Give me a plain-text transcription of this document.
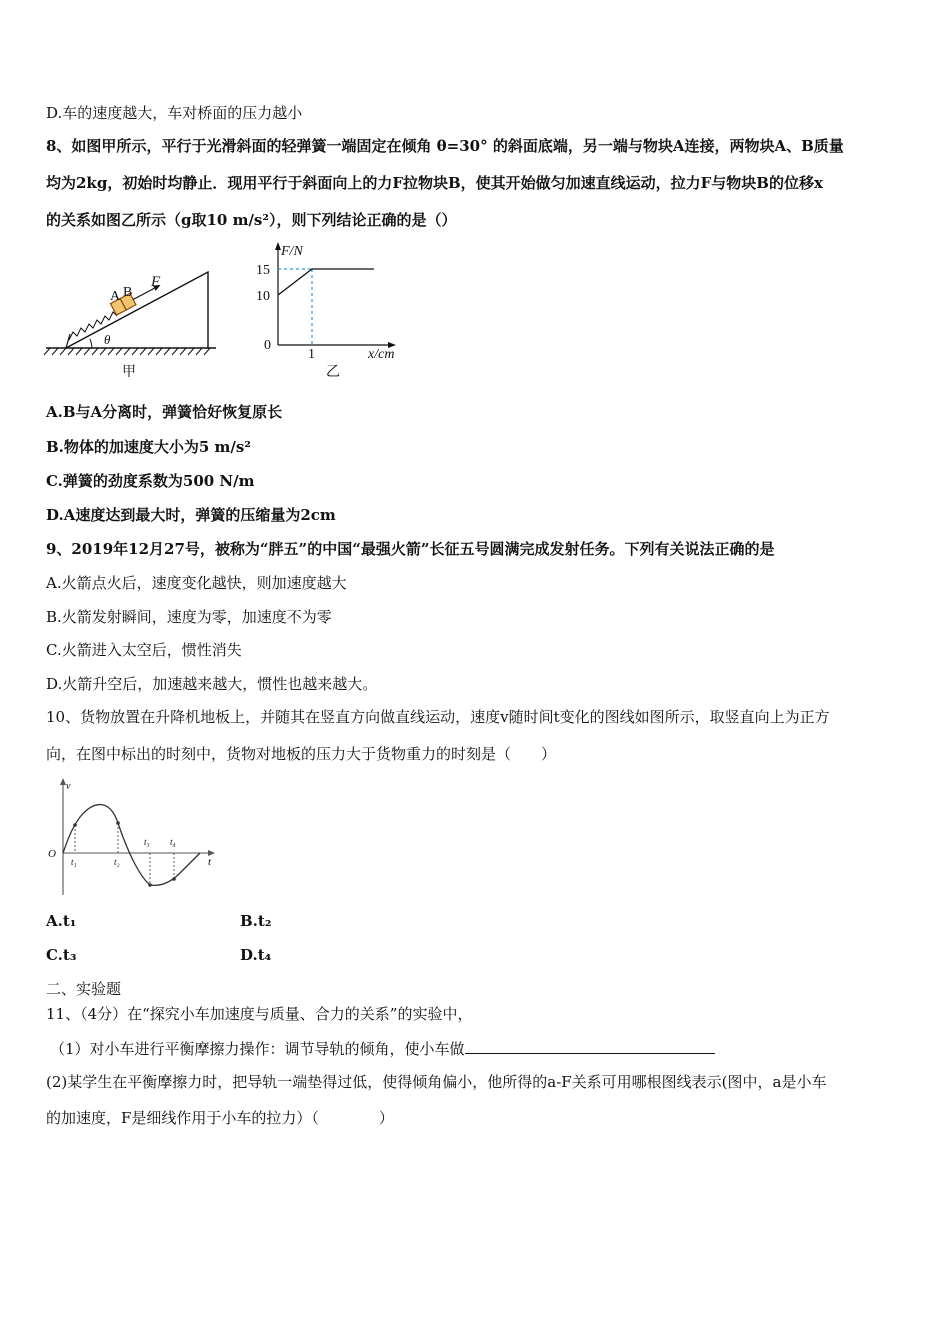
D.车的速度越大，车对桥面的压力越小
8、如图甲所示，平行于光滑斜面的轻弹簧一端固定在倾角 θ=30° 的斜面底端，另一端与物块A连接，两物块A、B质量
均为2kg，初始时均静止．现用平行于斜面向上的力F拉物块B，使其开始做匀加速直线运动，拉力F与物块B的位移x
的关系如图乙所示（g取10 m/s²），则下列结论正确的是（）
A B
F
θ
甲
F/N
15
10
0
1	x/cm
乙
A.B与A分离时，弹簧恰好恢复原长
B.物体的加速度大小为5 m/s²
C.弹簧的劲度系数为500 N/m
D.A速度达到最大时，弹簧的压缩量为2cm
9、2019年12月27号，被称为“胖五”的中国“最强火箭”长征五号圆满完成发射任务。下列有关说法正确的是
A.火箭点火后，速度变化越快，则加速度越大
B.火箭发射瞬间，速度为零，加速度不为零
C.火箭进入太空后，惯性消失
D.火箭升空后，加速越来越大，惯性也越来越大。
10、货物放置在升降机地板上，并随其在竖直方向做直线运动，速度v随时间t变化的图线如图所示，取竖直向上为正方
向，在图中标出的时刻中，货物对地板的压力大于货物重力的时刻是（　　）
v
O
t
t₁	t₂
t₃ t₄
A.t₁	B.t₂
C.t₃	D.t₄
二、实验题
11、（4分）在“探究小车加速度与质量、合力的关系”的实验中，
（1）对小车进行平衡摩擦力操作：调节导轨的倾角，使小车做
(2)某学生在平衡摩擦力时，把导轨一端垫得过低，使得倾角偏小，他所得的a-F关系可用哪根图线表示(图中，a是小车
的加速度，F是细线作用于小车的拉力）（　　　　）
